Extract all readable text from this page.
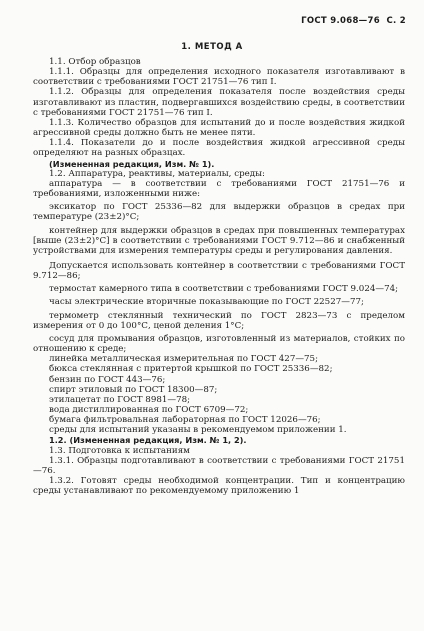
ГОСТ 9.068—76 С. 2
1. МЕТОД А

1.1. Отбор образцов

1.1.1. Образцы для определения исходного показателя изготавливают в соответствии с требованиями ГОСТ 21751—76 тип I.

1.1.2. Образцы для определения показателя после воздействия среды изготавливают из пластин, подвергавшихся воздействию среды, в соответствии с требованиями ГОСТ 21751—76 тип I.

1.1.3. Количество образцов для испытаний до и после воздействия жидкой агрессивной среды должно быть не менее пяти.

1.1.4. Показатели до и после воздействия жидкой агрессивной среды определяют на разных образцах.

(Измененная редакция, Изм. № 1).

1.2. Аппаратура, реактивы, материалы, среды:

аппаратура — в соответствии с требованиями ГОСТ 21751—76 и требованиями, изложенными ниже:

эксикатор по ГОСТ 25336—82 для выдержки образцов в средах при температуре (23±2)°С;

контейнер для выдержки образцов в средах при повышенных температурах [выше (23±2)°С] в соответствии с требованиями ГОСТ 9.712—86 и снабженный устройствами для измерения температуры среды и регулирования давления.

Допускается использовать контейнер в соответствии с требованиями ГОСТ 9.712—86;

термостат камерного типа в соответствии с требованиями ГОСТ 9.024—74;

часы электрические вторичные показывающие по ГОСТ 22527—77;

термометр стеклянный технический по ГОСТ 2823—73 с пределом измерения от 0 до 100°С, ценой деления 1°С;

сосуд для промывания образцов, изготовленный из материалов, стойких по отношению к среде;

линейка металлическая измерительная по ГОСТ 427—75;

бюкса стеклянная с притертой крышкой по ГОСТ 25336—82;

бензин по ГОСТ 443—76;

спирт этиловый по ГОСТ 18300—87;

этилацетат по ГОСТ 8981—78;

вода дистиллированная по ГОСТ 6709—72;

бумага фильтровальная лабораторная по ГОСТ 12026—76;

среды для испытаний указаны в рекомендуемом приложении 1.

1.2. (Измененная редакция, Изм. № 1, 2).

1.3. Подготовка к испытаниям

1.3.1. Образцы подготавливают в соответствии с требованиями ГОСТ 21751—76.

1.3.2. Готовят среды необходимой концентрации. Тип и концентрацию среды устанавливают по рекомендуемому приложению 1
